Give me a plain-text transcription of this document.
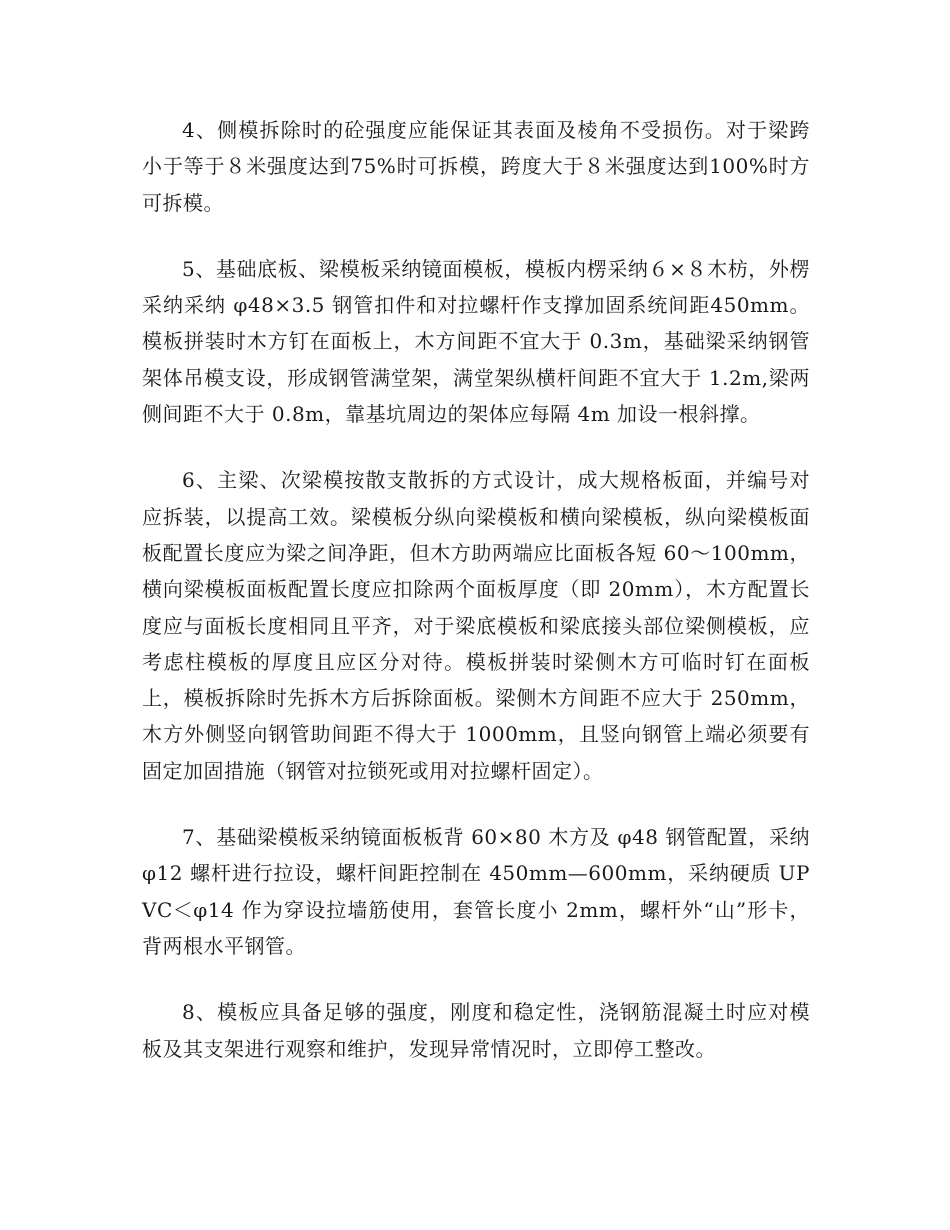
4、侧模拆除时的砼强度应能保证其表面及棱角不受损伤。对于梁跨小于等于８米强度达到75%时可拆模，跨度大于８米强度达到100%时方可拆模。

5、基础底板、梁模板采纳镜面模板，模板内楞采纳６×８木枋，外楞采纳采纳 φ48×3.5 钢管扣件和对拉螺杆作支撑加固系统间距450mm。模板拼装时木方钉在面板上，木方间距不宜大于 0.3m，基础梁采纳钢管架体吊模支设，形成钢管满堂架，满堂架纵横杆间距不宜大于 1.2m,梁两侧间距不大于 0.8m，靠基坑周边的架体应每隔 4m 加设一根斜撑。

6、主梁、次梁模按散支散拆的方式设计，成大规格板面，并编号对应拆装，以提高工效。梁模板分纵向梁模板和横向梁模板，纵向梁模板面板配置长度应为梁之间净距，但木方助两端应比面板各短 60～100mm，横向梁模板面板配置长度应扣除两个面板厚度（即 20mm），木方配置长度应与面板长度相同且平齐，对于梁底模板和梁底接头部位梁侧模板，应考虑柱模板的厚度且应区分对待。模板拼装时梁侧木方可临时钉在面板上，模板拆除时先拆木方后拆除面板。梁侧木方间距不应大于 250mm，木方外侧竖向钢管助间距不得大于 1000mm，且竖向钢管上端必须要有固定加固措施（钢管对拉锁死或用对拉螺杆固定）。

7、基础梁模板采纳镜面板板背 60×80 木方及 φ48 钢管配置，采纳 φ12 螺杆进行拉设，螺杆间距控制在 450mm—600mm，采纳硬质 UPVC＜φ14 作为穿设拉墙筋使用，套管长度小 2mm，螺杆外“山”形卡，背两根水平钢管。

8、模板应具备足够的强度，刚度和稳定性，浇钢筋混凝土时应对模板及其支架进行观察和维护，发现异常情况时，立即停工整改。
